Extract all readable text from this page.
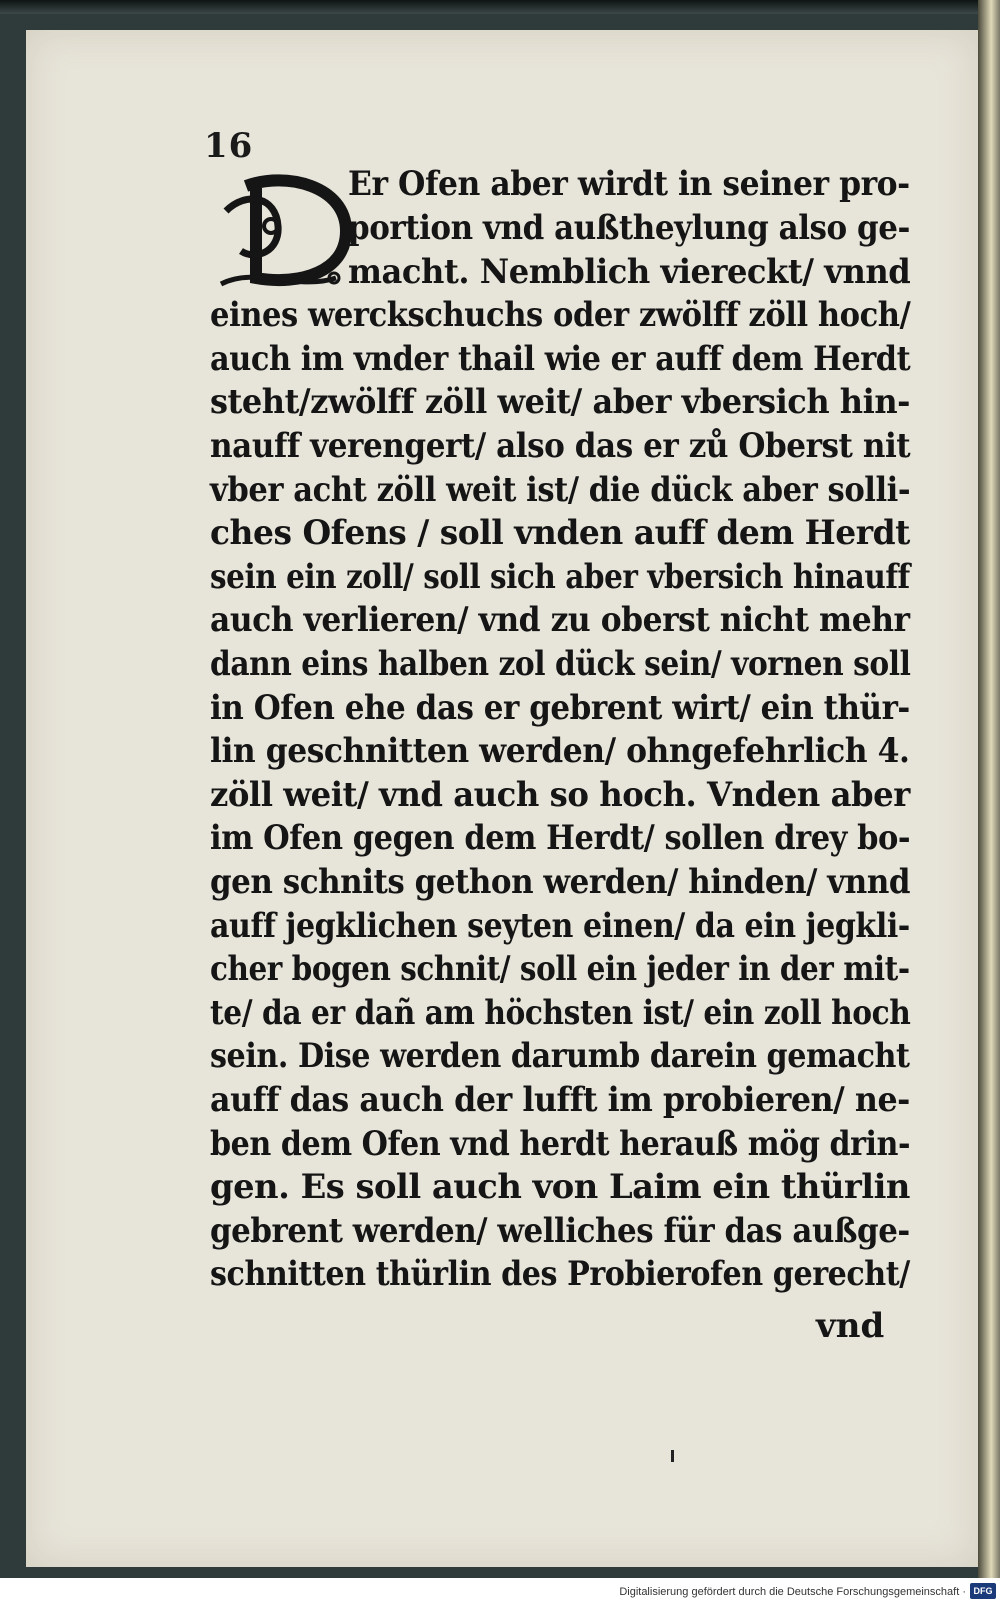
16
D
Er Ofen aber wirdt in seiner pro-
portion vnd außtheylung also ge-
macht. Nemblich viereckt/ vnnd
eines werckschuchs oder zwölff zöll hoch/
auch im vnder thail wie er auff dem Herdt
steht/zwölff zöll weit/ aber vbersich hin-
nauff verengert/ also das er zů Oberst nit
vber acht zöll weit ist/ die dück aber solli-
ches Ofens / soll vnden auff dem Herdt
sein ein zoll/ soll sich aber vbersich hinauff
auch verlieren/ vnd zu oberst nicht mehr
dann eins halben zol dück sein/ vornen soll
in Ofen ehe das er gebrent wirt/ ein thür-
lin geschnitten werden/ ohngefehrlich 4.
zöll weit/ vnd auch so hoch. Vnden aber
im Ofen gegen dem Herdt/ sollen drey bo-
gen schnits gethon werden/ hinden/ vnnd
auff jegklichen seyten einen/ da ein jegkli-
cher bogen schnit/ soll ein jeder in der mit-
te/ da er dañ am höchsten ist/ ein zoll hoch
sein. Dise werden darumb darein gemacht
auff das auch der lufft im probieren/ ne-
ben dem Ofen vnd herdt herauß mög drin-
gen. Es soll auch von Laim ein thürlin
gebrent werden/ welliches für das außge-
schnitten thürlin des Probierofen gerecht/
vnd
Digitalisierung gefördert durch die Deutsche Forschungsgemeinschaft · DFG
